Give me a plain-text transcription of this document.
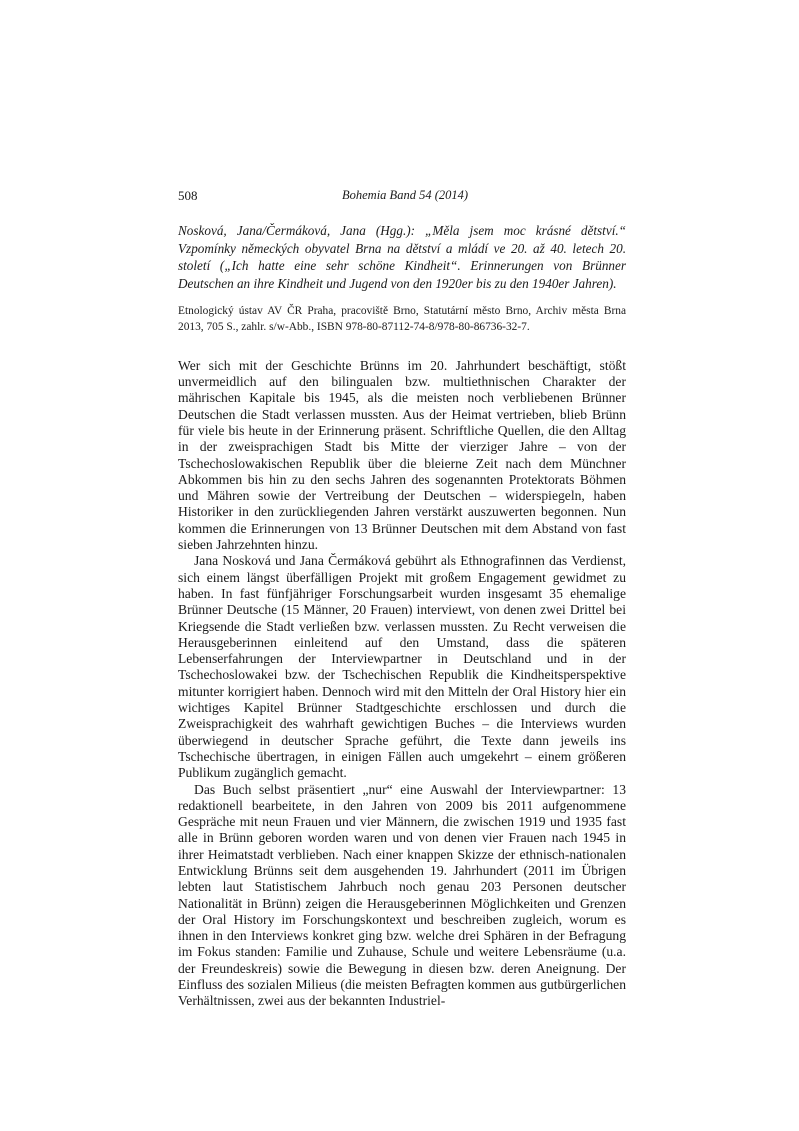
508	Bohemia Band 54 (2014)
Nosková, Jana/Čermáková, Jana (Hgg.): „Měla jsem moc krásné dětství.“ Vzpomínky německých obyvatel Brna na dětství a mládí ve 20. až 40. letech 20. století („Ich hatte eine sehr schöne Kindheit“. Erinnerungen von Brünner Deutschen an ihre Kindheit und Jugend von den 1920er bis zu den 1940er Jahren).
Etnologický ústav AV ČR Praha, pracoviště Brno, Statutární město Brno, Archiv města Brna 2013, 705 S., zahlr. s/w-Abb., ISBN 978-80-87112-74-8/978-80-86736-32-7.

Wer sich mit der Geschichte Brünns im 20. Jahrhundert beschäftigt, stößt unvermeidlich auf den bilingualen bzw. multiethnischen Charakter der mährischen Kapitale bis 1945, als die meisten noch verbliebenen Brünner Deutschen die Stadt verlassen mussten. Aus der Heimat vertrieben, blieb Brünn für viele bis heute in der Erinnerung präsent. Schriftliche Quellen, die den Alltag in der zweisprachigen Stadt bis Mitte der vierziger Jahre – von der Tschechoslowakischen Republik über die bleierne Zeit nach dem Münchner Abkommen bis hin zu den sechs Jahren des sogenannten Protektorats Böhmen und Mähren sowie der Vertreibung der Deutschen – widerspiegeln, haben Historiker in den zurückliegenden Jahren verstärkt auszuwerten begonnen. Nun kommen die Erinnerungen von 13 Brünner Deutschen mit dem Abstand von fast sieben Jahrzehnten hinzu.

Jana Nosková und Jana Čermáková gebührt als Ethnografinnen das Verdienst, sich einem längst überfälligen Projekt mit großem Engagement gewidmet zu haben. In fast fünfjähriger Forschungsarbeit wurden insgesamt 35 ehemalige Brünner Deutsche (15 Männer, 20 Frauen) interviewt, von denen zwei Drittel bei Kriegsende die Stadt verließen bzw. verlassen mussten. Zu Recht verweisen die Herausgeberinnen einleitend auf den Umstand, dass die späteren Lebenserfahrungen der Interviewpartner in Deutschland und in der Tschechoslowakei bzw. der Tschechischen Republik die Kindheitsperspektive mitunter korrigiert haben. Dennoch wird mit den Mitteln der Oral History hier ein wichtiges Kapitel Brünner Stadtgeschichte erschlossen und durch die Zweisprachigkeit des wahrhaft gewichtigen Buches – die Interviews wurden überwiegend in deutscher Sprache geführt, die Texte dann jeweils ins Tschechische übertragen, in einigen Fällen auch umgekehrt – einem größeren Publikum zugänglich gemacht.

Das Buch selbst präsentiert „nur“ eine Auswahl der Interviewpartner: 13 redaktionell bearbeitete, in den Jahren von 2009 bis 2011 aufgenommene Gespräche mit neun Frauen und vier Männern, die zwischen 1919 und 1935 fast alle in Brünn geboren worden waren und von denen vier Frauen nach 1945 in ihrer Heimatstadt verblieben. Nach einer knappen Skizze der ethnisch-nationalen Entwicklung Brünns seit dem ausgehenden 19. Jahrhundert (2011 im Übrigen lebten laut Statistischem Jahrbuch noch genau 203 Personen deutscher Nationalität in Brünn) zeigen die Herausgeberinnen Möglichkeiten und Grenzen der Oral History im Forschungskontext und beschreiben zugleich, worum es ihnen in den Interviews konkret ging bzw. welche drei Sphären in der Befragung im Fokus standen: Familie und Zuhause, Schule und weitere Lebensräume (u.a. der Freundeskreis) sowie die Bewegung in diesen bzw. deren Aneignung. Der Einfluss des sozialen Milieus (die meisten Befragten kommen aus gutbürgerlichen Verhältnissen, zwei aus der bekannten Industriel-
